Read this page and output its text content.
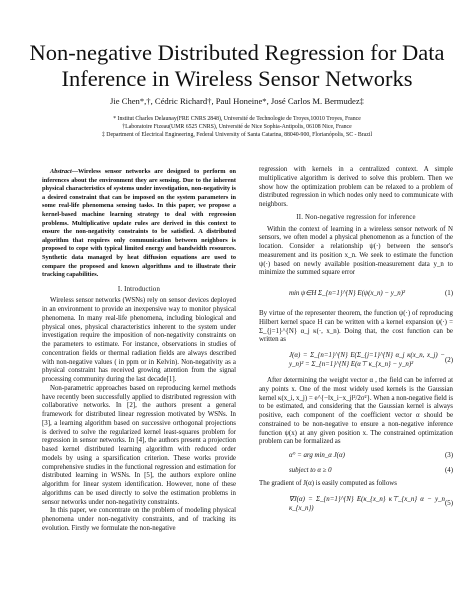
Non-negative Distributed Regression for Data Inference in Wireless Sensor Networks
Jie Chen*,†, Cédric Richard†, Paul Honeine*, José Carlos M. Bermudez‡
* Institut Charles Delaunay(FRE CNRS 2848), Université de Technologie de Troyes,10010 Troyes, France
†Laboratoire Fizeau(UMR 6525 CNRS), Université de Nice Sophia-Antipolis, 06108 Nice, France
‡ Department of Electrical Engineering, Federal University of Santa Catarina, 88040-900, Florianópolis, SC - Brazil
Abstract—Wireless sensor networks are designed to perform on inferences about the environment they are sensing. Due to the inherent physical characteristics of systems under investigation, non-negativity is a desired constraint that can be imposed on the system parameters in some real-life phenomena sensing tasks. In this paper, we propose a kernel-based machine learning strategy to deal with regression problems. Multiplicative update rules are derived in this context to ensure the non-negativity constraints to be satisfied. A distributed algorithm that requires only communication between neighbors is proposed to cope with typical limited energy and bandwidth resources. Synthetic data managed by heat diffusion equations are used to compare the proposed and known algorithms and to illustrate their tracking capabilities.
I. Introduction

Wireless sensor networks (WSNs) rely on sensor devices deployed in an environment to provide an inexpensive way to monitor physical phenomena. In many real-life phenomena, including biological and physical ones, physical characteristics inherent to the system under investigation require the imposition of non-negativity constraints on the parameters to estimate. For instance, observations in studies of concentration fields or thermal radiation fields are always described with non-negative values ( in ppm or in Kelvin). Non-negativity as a physical constraint has received growing attention from the signal processing community during the last decade[1].

Non-parametric approaches based on reproducing kernel methods have recently been successfully applied to distributed regression with collaborative networks. In [2], the authors present a general framework for distributed linear regression motivated by WSNs. In [3], a learning algorithm based on successive orthogonal projections is derived to solve the regularized kernel least-squares problem for regression in sensor networks. In [4], the authors present a projection based kernel distributed learning algorithm with reduced order models by using a sparsification criterion. These works provide comprehensive studies in the functional regression and estimation for distributed learning in WSNs. In [5], the authors explore online algorithm for linear system identification. However, none of these algorithms can be used directly to solve the estimation problems in sensor networks under non-negativity constraints.

In this paper, we concentrate on the problem of modeling physical phenomena under non-negativity constraints, and of tracking its evolution. Firstly we formulate the non-negative

regression with kernels in a centralized context. A simple multiplicative algorithm is derived to solve this problem. Then we show how the optimization problem can be relaxed to a problem of distributed regression in which nodes only need to communicate with neighbors.

II. Non-negative regression for inference

Within the context of learning in a wireless sensor network of N sensors, we often model a physical phenomenon as a function of the location. Consider a relationship ψ(·) between the sensor's measurement and its position x_n. We seek to estimate the function ψ(·) based on newly available position-measurement data y_n to minimize the summed square error

min ψ∈H Σ_{n=1}^{N} E(ψ(x_n) − y_n)²	(1)

By virtue of the representer theorem, the function ψ(·) of reproducing Hilbert kernel space H can be written with a kernel expansion ψ(·) = Σ_{j=1}^{N} α_j κ(·, x_n). Doing that, the cost function can be written as

J(α) = Σ_{n=1}^{N} E(Σ_{j=1}^{N} α_j κ(x_n, x_j) − y_n)² = Σ_{n=1}^{N} E(α⊤ κ_{x_n} − y_n)²
(2)

After determining the weight vector α , the field can be inferred at any points x. One of the most widely used kernels is the Gaussian kernel κ(x_i, x_j) = e^{−‖x_i−x_j‖²/2σ²}. When a non-negative field is to be estimated, and considering that the Gaussian kernel is always positive, each component of the coefficient vector α should be constrained to be non-negative to ensure a non-negative inference function ψ(x) at any given position x. The constrained optimization problem can be formalized as

α° = arg min_α J(α)	(3)
subject to α ≥ 0	(4)

The gradient of J(α) is easily computed as follows

∇J(α) = Σ_{n=1}^{N} E(κ_{x_n} κ⊤_{x_n} α − y_n κ_{x_n})
(5)
